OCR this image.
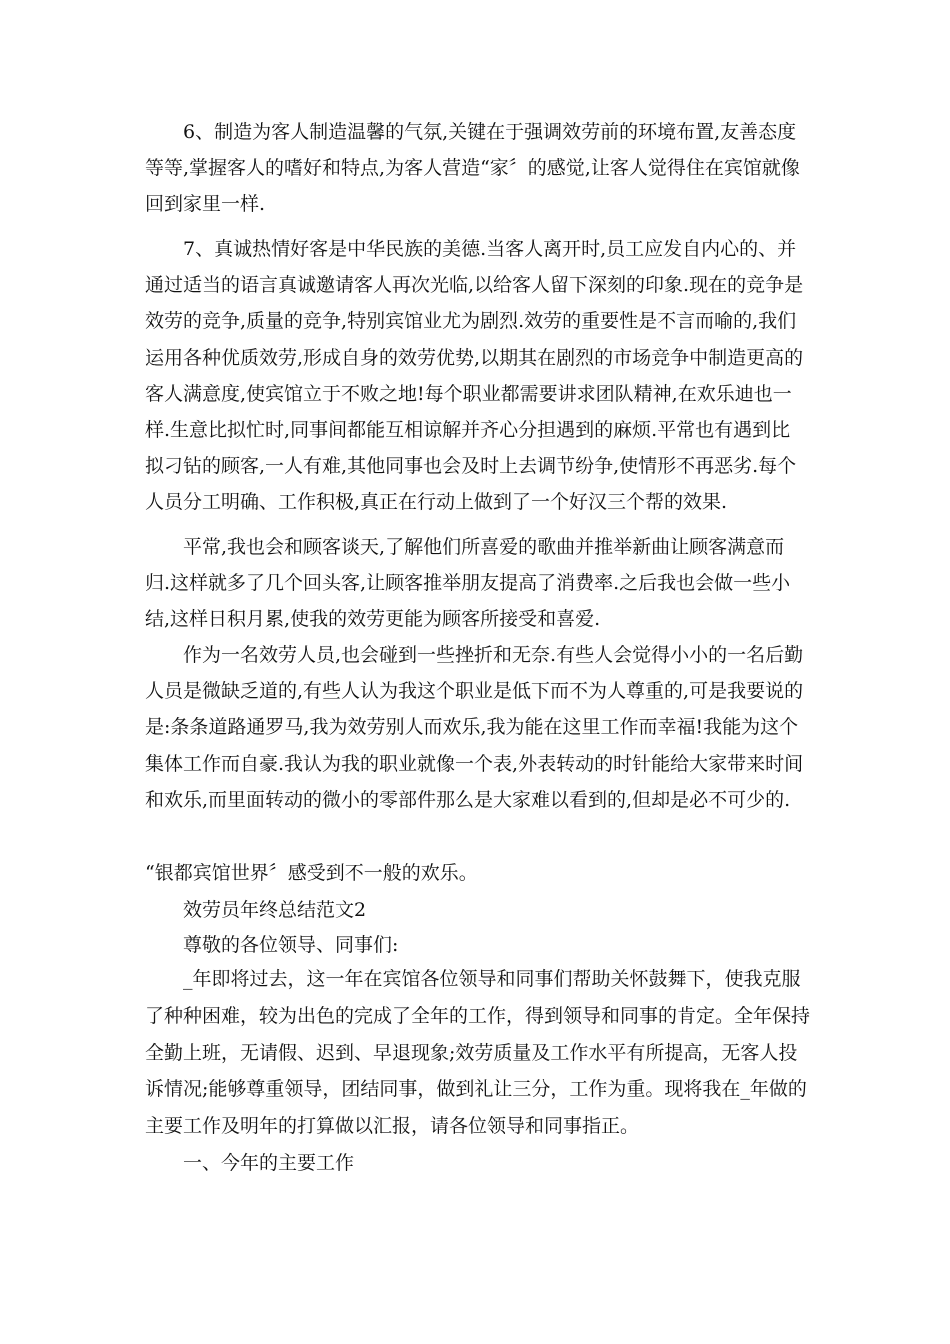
6、制造为客人制造温馨的气氛,关键在于强调效劳前的环境布置,友善态度等等,掌握客人的嗜好和特点,为客人营造“家〞的感觉,让客人觉得住在宾馆就像回到家里一样.
7、真诚热情好客是中华民族的美德.当客人离开时,员工应发自内心的、并通过适当的语言真诚邀请客人再次光临,以给客人留下深刻的印象.现在的竞争是效劳的竞争,质量的竞争,特别宾馆业尤为剧烈.效劳的重要性是不言而喻的,我们运用各种优质效劳,形成自身的效劳优势,以期其在剧烈的市场竞争中制造更高的客人满意度,使宾馆立于不败之地!每个职业都需要讲求团队精神,在欢乐迪也一样.生意比拟忙时,同事间都能互相谅解并齐心分担遇到的麻烦.平常也有遇到比拟刁钻的顾客,一人有难,其他同事也会及时上去调节纷争,使情形不再恶劣.每个人员分工明确、工作积极,真正在行动上做到了一个好汉三个帮的效果.
平常,我也会和顾客谈天,了解他们所喜爱的歌曲并推举新曲让顾客满意而归.这样就多了几个回头客,让顾客推举朋友提高了消费率.之后我也会做一些小结,这样日积月累,使我的效劳更能为顾客所接受和喜爱.
作为一名效劳人员,也会碰到一些挫折和无奈.有些人会觉得小小的一名后勤人员是微缺乏道的,有些人认为我这个职业是低下而不为人尊重的,可是我要说的是:条条道路通罗马,我为效劳别人而欢乐,我为能在这里工作而幸福!我能为这个集体工作而自豪.我认为我的职业就像一个表,外表转动的时针能给大家带来时间和欢乐,而里面转动的微小的零部件那么是大家难以看到的,但却是必不可少的.
“银都宾馆世界〞感受到不一般的欢乐。
效劳员年终总结范文2
尊敬的各位领导、同事们:
_年即将过去，这一年在宾馆各位领导和同事们帮助关怀鼓舞下，使我克服了种种困难，较为出色的完成了全年的工作，得到领导和同事的肯定。全年保持全勤上班，无请假、迟到、早退现象;效劳质量及工作水平有所提高，无客人投诉情况;能够尊重领导，团结同事，做到礼让三分，工作为重。现将我在_年做的主要工作及明年的打算做以汇报，请各位领导和同事指正。
一、今年的主要工作
